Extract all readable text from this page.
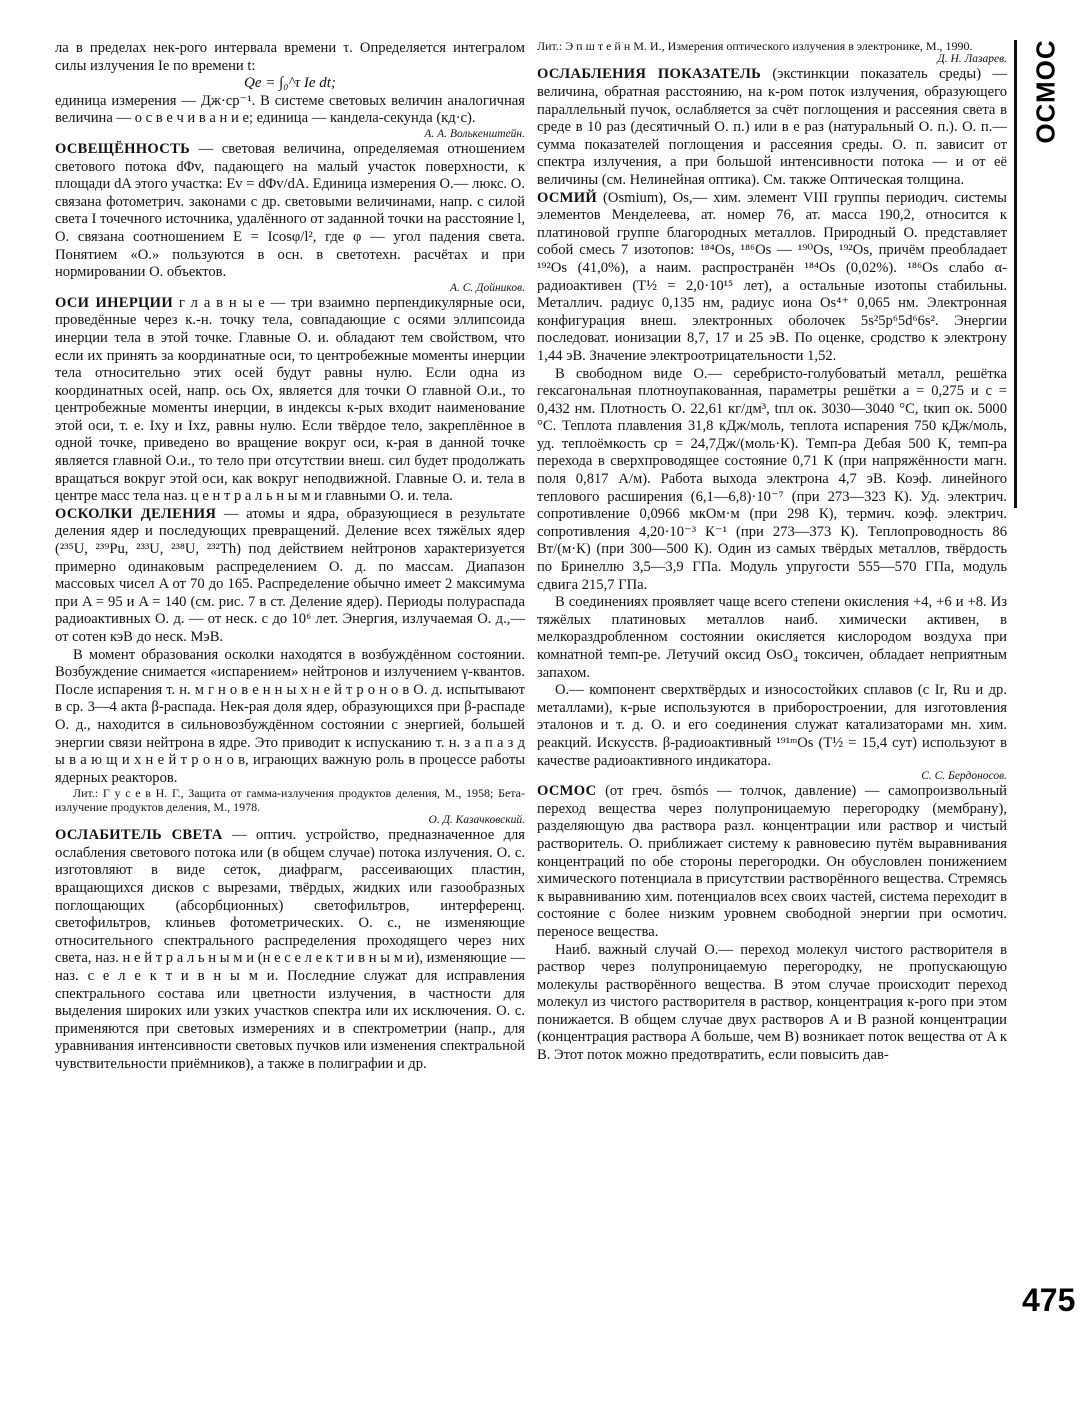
ла в пределах нек-рого интервала времени τ. Определяется интегралом силы излучения Iе по времени t:

Qе = ∫₀^τ Iе dt;

единица измерения — Дж·ср⁻¹. В системе световых величин аналогичная величина — о с в е ч и в а н и е; единица — кандела-секунда (кд·с).
А. А. Волькенштейн.

ОСВЕЩЁННОСТЬ — световая величина, определяемая отношением светового потока dΦv, падающего на малый участок поверхности, к площади dA этого участка: Ev = dΦv/dA. Единица измерения О.— люкс. О. связана фотометрич. законами с др. световыми величинами, напр. с силой света I точечного источника, удалённого от заданной точки на расстояние l, О. связана соотношением E = Icosφ/l², где φ — угол падения света. Понятием «О.» пользуются в осн. в светотехн. расчётах и при нормировании О. объектов.
А. С. Дойников.

ОСИ ИНЕРЦИИ г л а в н ы е — три взаимно перпендикулярные оси, проведённые через к.-н. точку тела, совпадающие с осями эллипсоида инерции тела в этой точке. Главные О. и. обладают тем свойством, что если их принять за координатные оси, то центробежные моменты инерции тела относительно этих осей будут равны нулю. Если одна из координатных осей, напр. ось Ox, является для точки O главной О.и., то центробежные моменты инерции, в индексы к-рых входит наименование этой оси, т. е. Ixy и Ixz, равны нулю. Если твёрдое тело, закреплённое в одной точке, приведено во вращение вокруг оси, к-рая в данной точке является главной О.и., то тело при отсутствии внеш. сил будет продолжать вращаться вокруг этой оси, как вокруг неподвижной. Главные О. и. тела в центре масс тела наз. ц е н т р а л ь н ы м и главными О. и. тела.

ОСКОЛКИ ДЕЛЕНИЯ — атомы и ядра, образующиеся в результате деления ядер и последующих превращений. Деление всех тяжёлых ядер (²³⁵U, ²³⁹Pu, ²³³U, ²³⁸U, ²³²Th) под действием нейтронов характеризуется примерно одинаковым распределением О. д. по массам. Диапазон массовых чисел A от 70 до 165. Распределение обычно имеет 2 максимума при A = 95 и A = 140 (см. рис. 7 в ст. Деление ядер). Периоды полураспада радиоактивных О. д. — от неск. с до 10⁶ лет. Энергия, излучаемая О. д.,— от сотен кэВ до неск. МэВ.

В момент образования осколки находятся в возбуждённом состоянии. Возбуждение снимается «испарением» нейтронов и излучением γ-квантов. После испарения т. н. м г н о в е н н ы х н е й т р о н о в О. д. испытывают в ср. 3—4 акта β-распада. Нек-рая доля ядер, образующихся при β-распаде О. д., находится в сильновозбуждённом состоянии с энергией, большей энергии связи нейтрона в ядре. Это приводит к испусканию т. н. з а п а з д ы в а ю щ и х н е й т р о н о в, играющих важную роль в процессе работы ядерных реакторов.

Лит.: Г у с е в Н. Г., Защита от гамма-излучения продуктов деления, М., 1958; Бета-излучение продуктов деления, М., 1978.
О. Д. Казачковский.

ОСЛАБИТЕЛЬ СВЕТА — оптич. устройство, предназначенное для ослабления светового потока или (в общем случае) потока излучения. О. с. изготовляют в виде сеток, диафрагм, рассеивающих пластин, вращающихся дисков с вырезами, твёрдых, жидких или газообразных поглощающих (абсорбционных) светофильтров, интерференц. светофильтров, клиньев фотометрических. О. с., не изменяющие относительного спектрального распределения проходящего через них света, наз. н е й т р а л ь н ы м и (н е с е л е к т и в н ы м и), изменяющие — наз. с е л е к т и в н ы м и. Последние служат для исправления спектрального состава или цветности излучения, в частности для выделения широких или узких участков спектра или их исключения. О. с. применяются при световых измерениях и в спектрометрии (напр., для уравнивания интенсивности световых пучков или изменения спектральной чувствительности приёмников), а также в полиграфии и др.

Лит.: Э п ш т е й н М. И., Измерения оптического излучения в электронике, М., 1990.
Д. Н. Лазарев.

ОСЛАБЛЕНИЯ ПОКАЗАТЕЛЬ (экстинкции показатель среды) — величина, обратная расстоянию, на к-ром поток излучения, образующего параллельный пучок, ослабляется за счёт поглощения и рассеяния света в среде в 10 раз (десятичный О. п.) или в e раз (натуральный О. п.). О. п.— сумма показателей поглощения и рассеяния среды. О. п. зависит от спектра излучения, а при большой интенсивности потока — и от её величины (см. Нелинейная оптика). См. также Оптическая толщина.

ОСМИЙ (Osmium), Os,— хим. элемент VIII группы периодич. системы элементов Менделеева, ат. номер 76, ат. масса 190,2, относится к платиновой группе благородных металлов. Природный О. представляет собой смесь 7 изотопов: ¹⁸⁴Os, ¹⁸⁶Os — ¹⁹⁰Os, ¹⁹²Os, причём преобладает ¹⁹²Os (41,0%), а наим. распространён ¹⁸⁴Os (0,02%). ¹⁸⁶Os слабо α-радиоактивен (T½ = 2,0·10¹⁵ лет), а остальные изотопы стабильны. Металлич. радиус 0,135 нм, радиус иона Os⁴⁺ 0,065 нм. Электронная конфигурация внеш. электронных оболочек 5s²5p⁶5d⁶6s². Энергии последоват. ионизации 8,7, 17 и 25 эВ. По оценке, сродство к электрону 1,44 эВ. Значение электроотрицательности 1,52.

В свободном виде О.— серебристо-голубоватый металл, решётка гексагональная плотноупакованная, параметры решётки a = 0,275 и c = 0,432 нм. Плотность О. 22,61 кг/дм³, tпл ок. 3030—3040 °С, tкип ок. 5000 °С. Теплота плавления 31,8 кДж/моль, теплота испарения 750 кДж/моль, уд. теплоёмкость cp = 24,7Дж/(моль·К). Темп-ра Дебая 500 К, темп-ра перехода в сверхпроводящее состояние 0,71 К (при напряжённости магн. поля 0,817 А/м). Работа выхода электрона 4,7 эВ. Коэф. линейного теплового расширения (6,1—6,8)·10⁻⁷ (при 273—323 К). Уд. электрич. сопротивление 0,0966 мкОм·м (при 298 К), термич. коэф. электрич. сопротивления 4,20·10⁻³ К⁻¹ (при 273—373 К). Теплопроводность 86 Вт/(м·К) (при 300—500 К). Один из самых твёрдых металлов, твёрдость по Бринеллю 3,5—3,9 ГПа. Модуль упругости 555—570 ГПа, модуль сдвига 215,7 ГПа.

В соединениях проявляет чаще всего степени окисления +4, +6 и +8. Из тяжёлых платиновых металлов наиб. химически активен, в мелкораздробленном состоянии окисляется кислородом воздуха при комнатной темп-ре. Летучий оксид OsO₄ токсичен, обладает неприятным запахом.

О.— компонент сверхтвёрдых и износостойких сплавов (с Ir, Ru и др. металлами), к-рые используются в приборостроении, для изготовления эталонов и т. д. О. и его соединения служат катализаторами мн. хим. реакций. Искусств. β-радиоактивный ¹⁹¹ᵐOs (T½ = 15,4 сут) используют в качестве радиоактивного индикатора.
С. С. Бердоносов.

ОСМОС (от греч. ōsmós — толчок, давление) — самопроизвольный переход вещества через полупроницаемую перегородку (мембрану), разделяющую два раствора разл. концентрации или раствор и чистый растворитель. О. приближает систему к равновесию путём выравнивания концентраций по обе стороны перегородки. Он обусловлен понижением химического потенциала в присутствии растворённого вещества. Стремясь к выравниванию хим. потенциалов всех своих частей, система переходит в состояние с более низким уровнем свободной энергии при осмотич. переносе вещества.

Наиб. важный случай О.— переход молекул чистого растворителя в раствор через полупроницаемую перегородку, не пропускающую молекулы растворённого вещества. В этом случае происходит переход молекул из чистого растворителя в раствор, концентрация к-рого при этом понижается. В общем случае двух растворов A и B разной концентрации (концентрация раствора A больше, чем B) возникает поток вещества от A к B. Этот поток можно предотвратить, если повысить дав-

ОСМОС
475
